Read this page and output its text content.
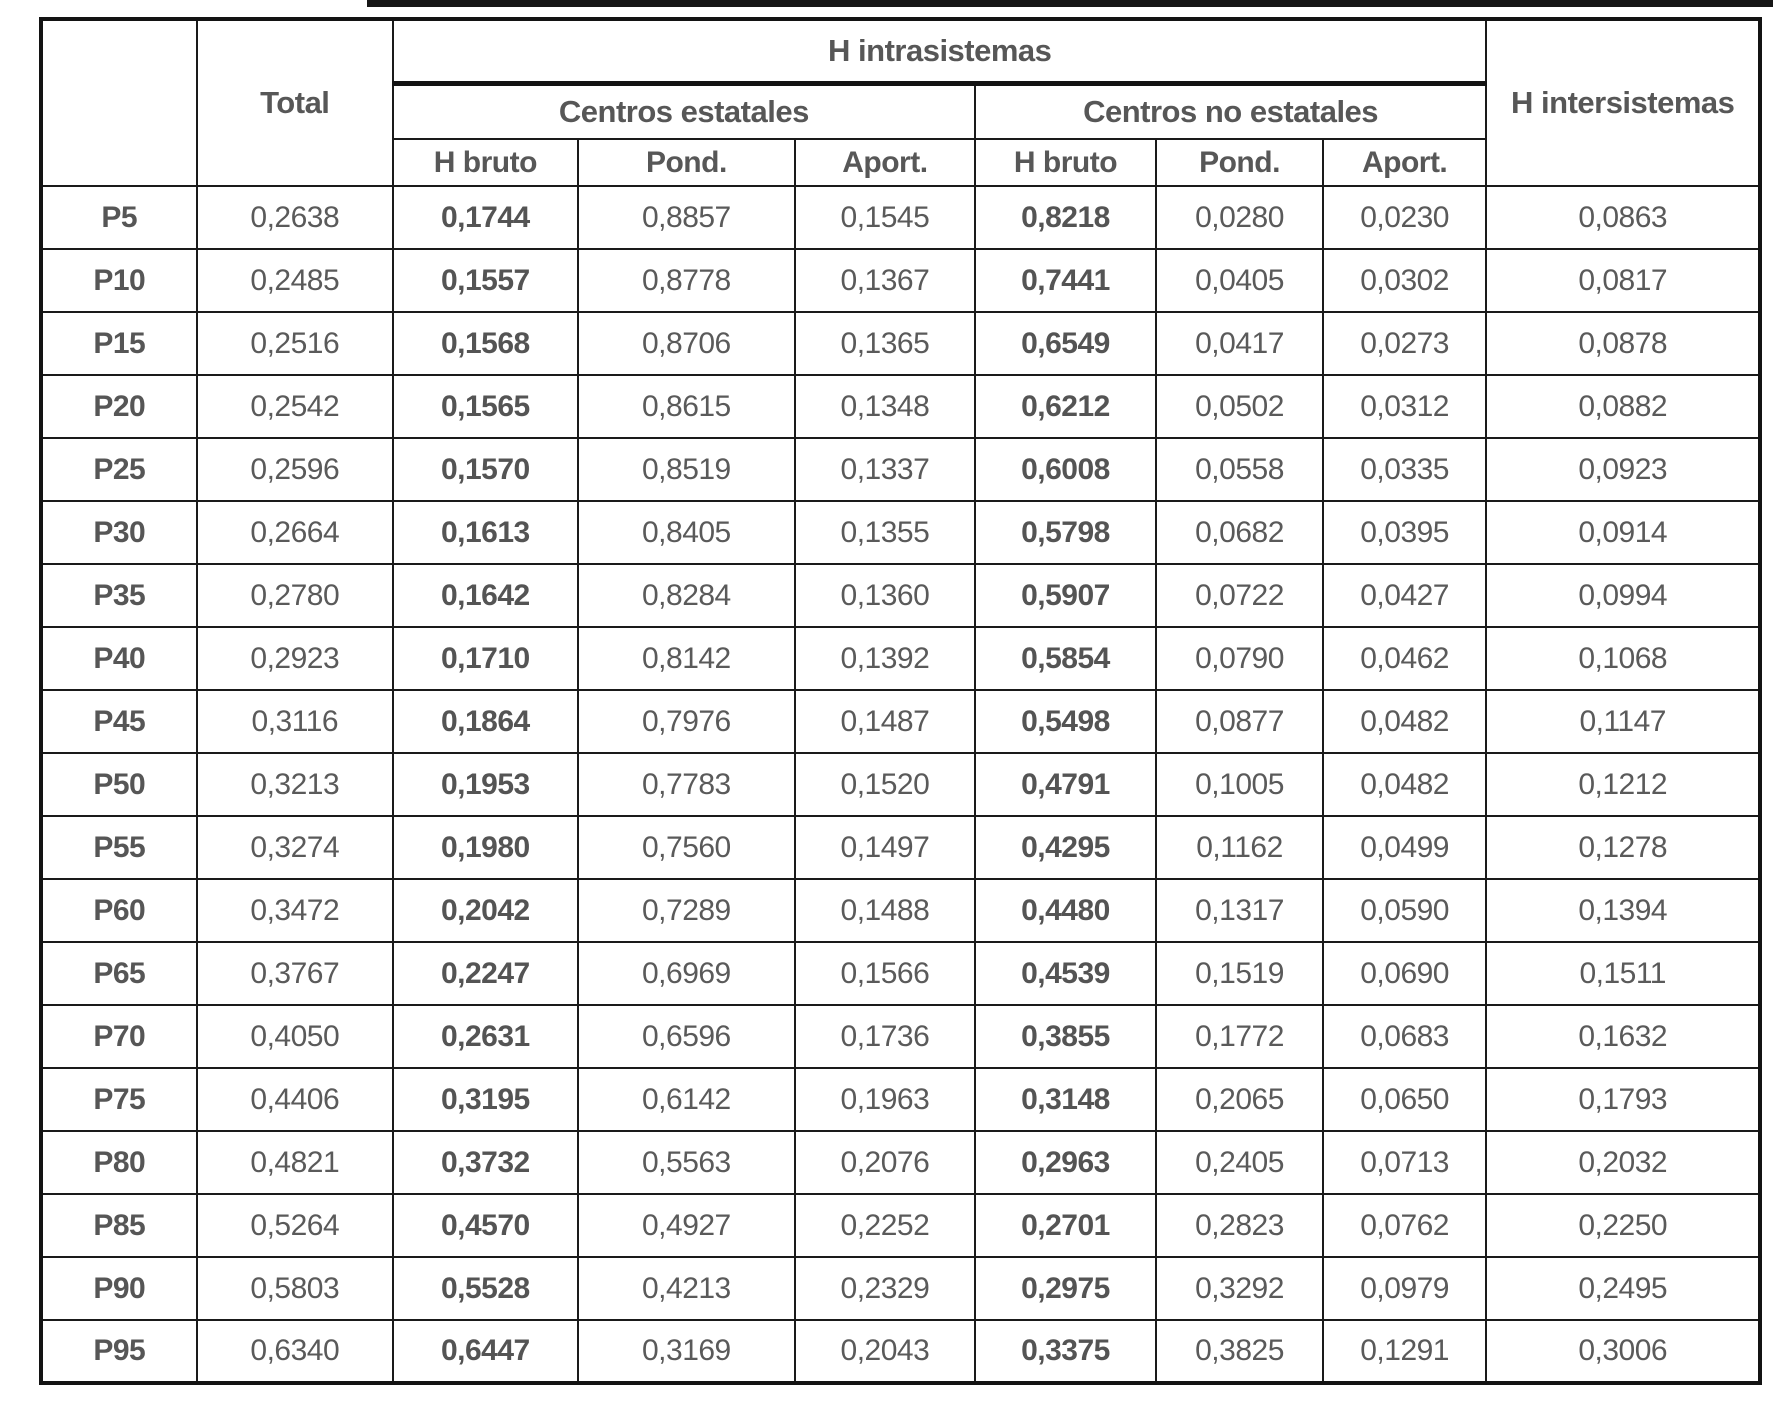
	Total	H intrasistemas						H intersistemas
		Centros estatales			Centros no estatales			
		H bruto	Pond.	Aport.	H bruto	Pond.	Aport.	
P5	0,2638	0,1744	0,8857	0,1545	0,8218	0,0280	0,0230	0,0863
P10	0,2485	0,1557	0,8778	0,1367	0,7441	0,0405	0,0302	0,0817
P15	0,2516	0,1568	0,8706	0,1365	0,6549	0,0417	0,0273	0,0878
P20	0,2542	0,1565	0,8615	0,1348	0,6212	0,0502	0,0312	0,0882
P25	0,2596	0,1570	0,8519	0,1337	0,6008	0,0558	0,0335	0,0923
P30	0,2664	0,1613	0,8405	0,1355	0,5798	0,0682	0,0395	0,0914
P35	0,2780	0,1642	0,8284	0,1360	0,5907	0,0722	0,0427	0,0994
P40	0,2923	0,1710	0,8142	0,1392	0,5854	0,0790	0,0462	0,1068
P45	0,3116	0,1864	0,7976	0,1487	0,5498	0,0877	0,0482	0,1147
P50	0,3213	0,1953	0,7783	0,1520	0,4791	0,1005	0,0482	0,1212
P55	0,3274	0,1980	0,7560	0,1497	0,4295	0,1162	0,0499	0,1278
P60	0,3472	0,2042	0,7289	0,1488	0,4480	0,1317	0,0590	0,1394
P65	0,3767	0,2247	0,6969	0,1566	0,4539	0,1519	0,0690	0,1511
P70	0,4050	0,2631	0,6596	0,1736	0,3855	0,1772	0,0683	0,1632
P75	0,4406	0,3195	0,6142	0,1963	0,3148	0,2065	0,0650	0,1793
P80	0,4821	0,3732	0,5563	0,2076	0,2963	0,2405	0,0713	0,2032
P85	0,5264	0,4570	0,4927	0,2252	0,2701	0,2823	0,0762	0,2250
P90	0,5803	0,5528	0,4213	0,2329	0,2975	0,3292	0,0979	0,2495
P95	0,6340	0,6447	0,3169	0,2043	0,3375	0,3825	0,1291	0,3006
